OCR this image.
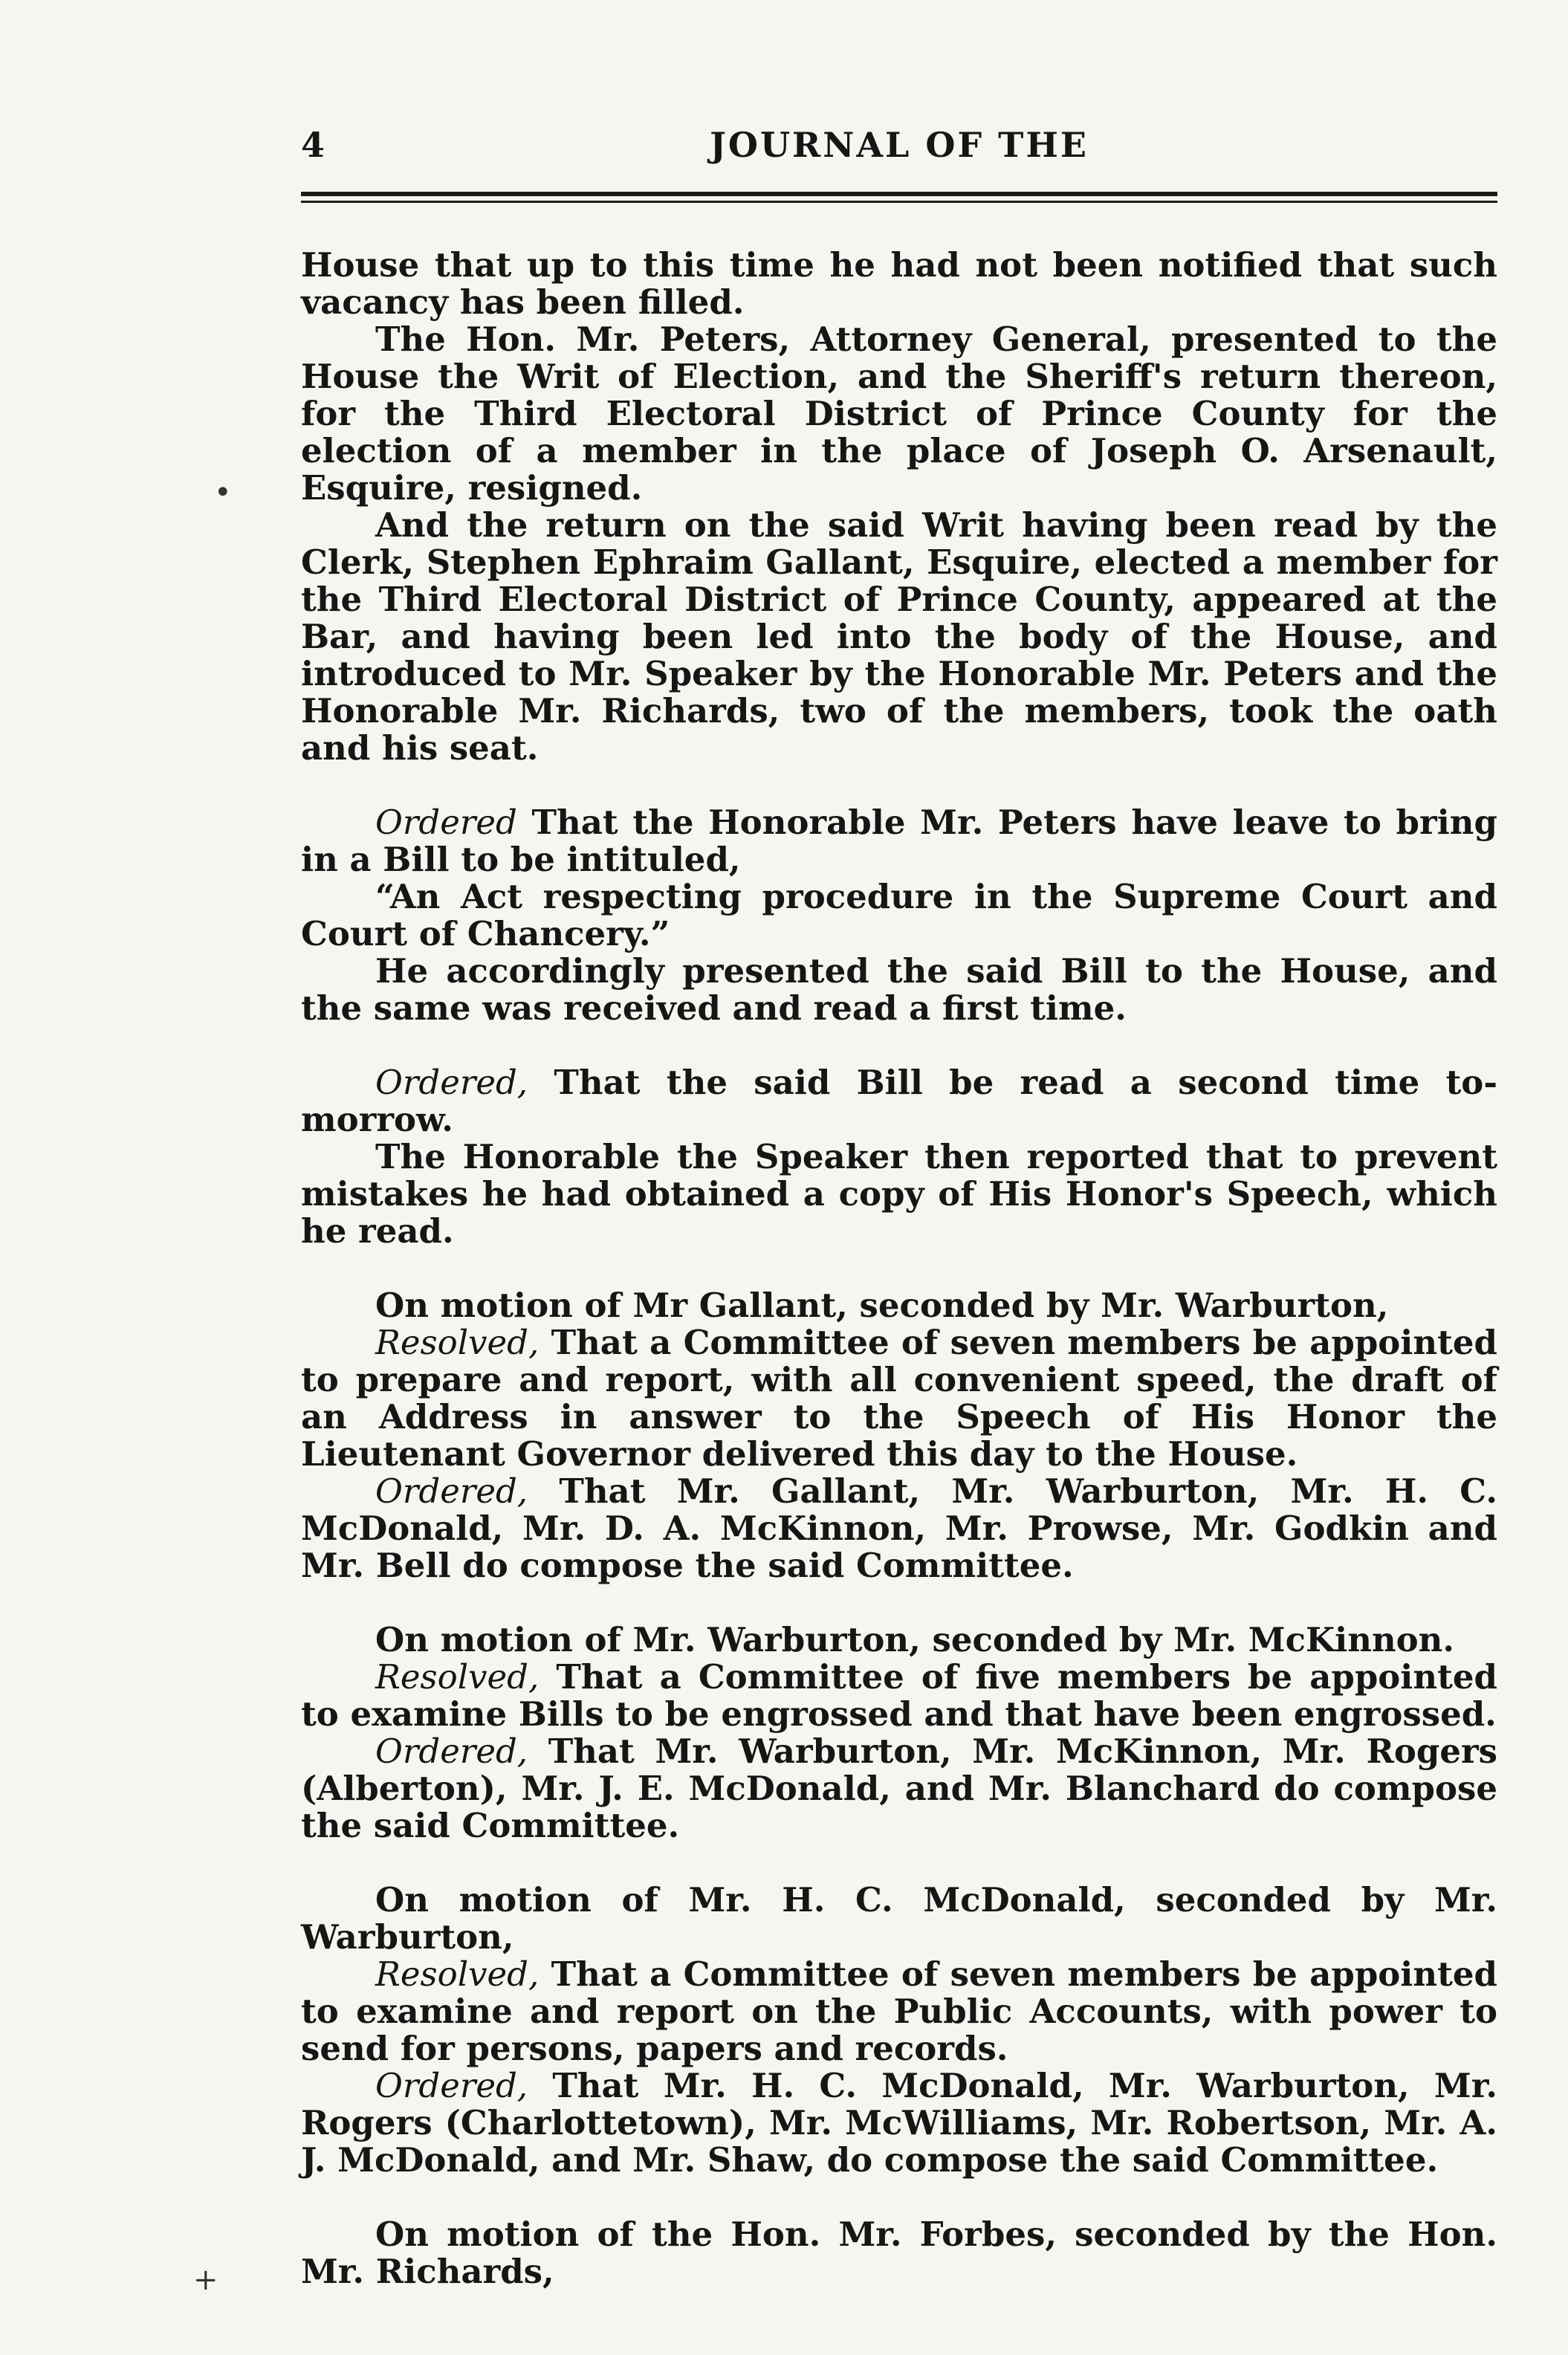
4	JOURNAL OF THE
•
+

House that up to this time he had not been notified that such vacancy has been filled.

The Hon. Mr. Peters, Attorney General, presented to the House the Writ of Election, and the Sheriff's return thereon, for the Third Electoral District of Prince County for the election of a member in the place of Joseph O. Arsenault, Esquire, resigned.

And the return on the said Writ having been read by the Clerk, Stephen Ephraim Gallant, Esquire, elected a member for the Third Electoral District of Prince County, appeared at the Bar, and having been led into the body of the House, and introduced to Mr. Speaker by the Honorable Mr. Peters and the Honorable Mr. Richards, two of the members, took the oath and his seat.

Ordered That the Honorable Mr. Peters have leave to bring in a Bill to be intituled,

“An Act respecting procedure in the Supreme Court and Court of Chancery.”

He accordingly presented the said Bill to the House, and the same was received and read a first time.

Ordered, That the said Bill be read a second time to-morrow.

The Honorable the Speaker then reported that to prevent mistakes he had obtained a copy of His Honor's Speech, which he read.

On motion of Mr Gallant, seconded by Mr. Warburton,

Resolved, That a Committee of seven members be appointed to prepare and report, with all convenient speed, the draft of an Address in answer to the Speech of His Honor the Lieutenant Governor delivered this day to the House.

Ordered, That Mr. Gallant, Mr. Warburton, Mr. H. C. McDonald, Mr. D. A. McKinnon, Mr. Prowse, Mr. Godkin and Mr. Bell do compose the said Committee.

On motion of Mr. Warburton, seconded by Mr. McKinnon.

Resolved, That a Committee of five members be appointed to examine Bills to be engrossed and that have been engrossed.

Ordered, That Mr. Warburton, Mr. McKinnon, Mr. Rogers (Alberton), Mr. J. E. McDonald, and Mr. Blanchard do compose the said Committee.

On motion of Mr. H. C. McDonald, seconded by Mr. Warburton,

Resolved, That a Committee of seven members be appointed to examine and report on the Public Accounts, with power to send for persons, papers and records.

Ordered, That Mr. H. C. McDonald, Mr. Warburton, Mr. Rogers (Charlottetown), Mr. McWilliams, Mr. Robertson, Mr. A. J. McDonald, and Mr. Shaw, do compose the said Committee.

On motion of the Hon. Mr. Forbes, seconded by the Hon. Mr. Richards,
